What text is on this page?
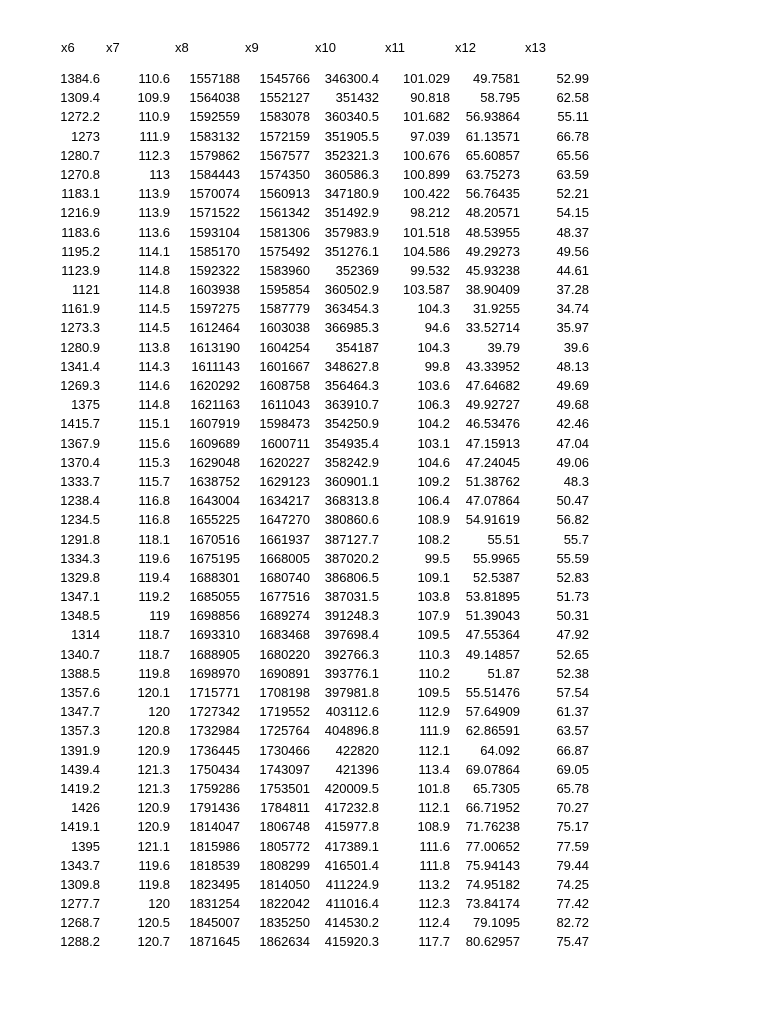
x6 x7	x8	x9	x10	x11	x12	x13
1384.6	110.6 1557188 1545766 346300.4 101.029 49.7581	52.99
1309.4	109.9 1564038 1552127 351432 90.818 58.795	62.58
1272.2	110.9 1592559 1583078 360340.5 101.682 56.93864	55.11
1273	111.9 1583132 1572159 351905.5 97.039 61.13571	66.78
1280.7	112.3 1579862 1567577 352321.3 100.676 65.60857	65.56
1270.8	113 1584443 1574350 360586.3 100.899 63.75273	63.59
1183.1	113.9 1570074 1560913 347180.9 100.422 56.76435	52.21
1216.9	113.9 1571522 1561342 351492.9 98.212 48.20571	54.15
1183.6	113.6 1593104 1581306 357983.9 101.518 48.53955	48.37
1195.2	114.1 1585170 1575492 351276.1 104.586 49.29273	49.56
1123.9	114.8 1592322 1583960 352369 99.532 45.93238	44.61
1121	114.8 1603938 1595854 360502.9 103.587 38.90409	37.28
1161.9	114.5 1597275 1587779 363454.3	104.3 31.9255	34.74
1273.3	114.5 1612464 1603038 366985.3	94.6 33.52714	35.97
1280.9	113.8 1613190 1604254 354187	104.3	39.79	39.6
1341.4	114.3 1611143 1601667 348627.8	99.8 43.33952	48.13
1269.3	114.6 1620292 1608758 356464.3	103.6 47.64682	49.69
1375	114.8 1621163 1611043 363910.7	106.3 49.92727	49.68
1415.7	115.1 1607919 1598473 354250.9	104.2 46.53476	42.46
1367.9	115.6 1609689 1600711 354935.4	103.1 47.15913	47.04
1370.4	115.3 1629048 1620227 358242.9	104.6 47.24045	49.06
1333.7	115.7 1638752 1629123 360901.1	109.2 51.38762	48.3
1238.4	116.8 1643004 1634217 368313.8	106.4 47.07864	50.47
1234.5	116.8 1655225 1647270 380860.6	108.9 54.91619	56.82
1291.8	118.1 1670516 1661937 387127.7	108.2	55.51	55.7
1334.3	119.6 1675195 1668005 387020.2	99.5 55.9965	55.59
1329.8	119.4 1688301 1680740 386806.5	109.1 52.5387	52.83
1347.1	119.2 1685055 1677516 387031.5	103.8 53.81895	51.73
1348.5	119 1698856 1689274 391248.3	107.9 51.39043	50.31
1314	118.7 1693310 1683468 397698.4	109.5 47.55364	47.92
1340.7	118.7 1688905 1680220 392766.3	110.3 49.14857	52.65
1388.5	119.8 1698970 1690891 393776.1	110.2	51.87	52.38
1357.6	120.1 1715771 1708198 397981.8	109.5 55.51476	57.54
1347.7	120 1727342 1719552 403112.6	112.9 57.64909	61.37
1357.3	120.8 1732984 1725764 404896.8	111.9 62.86591	63.57
1391.9	120.9 1736445 1730466 422820	112.1 64.092	66.87
1439.4	121.3 1750434 1743097 421396	113.4 69.07864	69.05
1419.2	121.3 1759286 1753501 420009.5	101.8 65.7305	65.78
1426	120.9 1791436 1784811 417232.8	112.1 66.71952	70.27
1419.1	120.9 1814047 1806748 415977.8	108.9 71.76238	75.17
1395	121.1 1815986 1805772 417389.1	111.6 77.00652	77.59
1343.7	119.6 1818539 1808299 416501.4	111.8 75.94143	79.44
1309.8	119.8 1823495 1814050 411224.9	113.2 74.95182	74.25
1277.7	120 1831254 1822042 411016.4	112.3 73.84174	77.42
1268.7	120.5 1845007 1835250 414530.2	112.4 79.1095	82.72
1288.2	120.7 1871645 1862634 415920.3	117.7 80.62957	75.47
